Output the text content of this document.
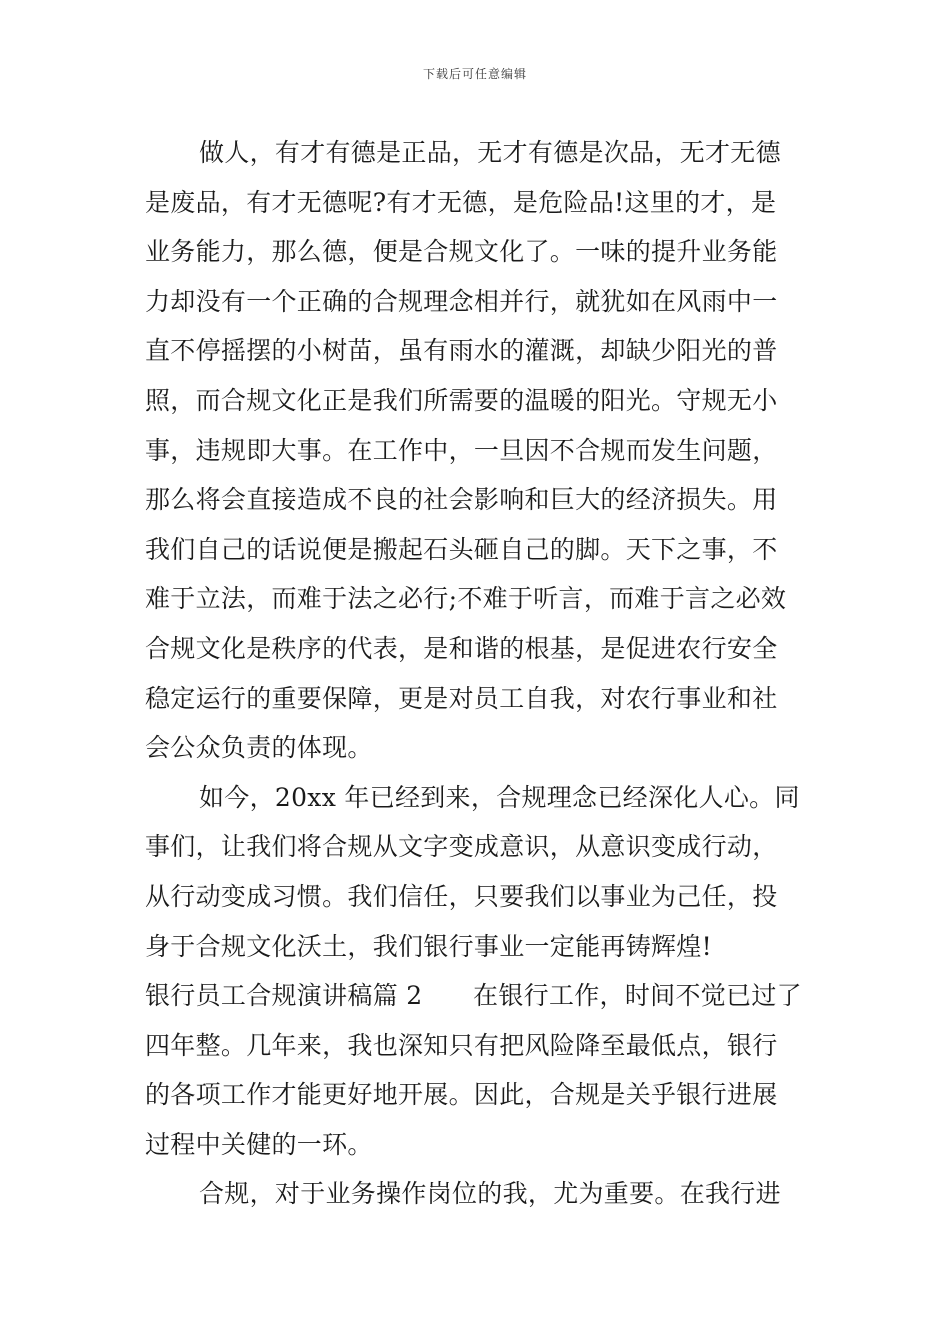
下载后可任意编辑
做人，有才有德是正品，无才有德是次品，无才无德
是废品，有才无德呢?有才无德，是危险品!这里的才，是
业务能力，那么德，便是合规文化了。一味的提升业务能
力却没有一个正确的合规理念相并行，就犹如在风雨中一
直不停摇摆的小树苗，虽有雨水的灌溉，却缺少阳光的普
照，而合规文化正是我们所需要的温暖的阳光。守规无小
事，违规即大事。在工作中，一旦因不合规而发生问题，
那么将会直接造成不良的社会影响和巨大的经济损失。用
我们自己的话说便是搬起石头砸自己的脚。天下之事，不
难于立法，而难于法之必行;不难于听言，而难于言之必效
合规文化是秩序的代表，是和谐的根基，是促进农行安全
稳定运行的重要保障，更是对员工自我，对农行事业和社
会公众负责的体现。
如今，20xx 年已经到来，合规理念已经深化人心。同
事们，让我们将合规从文字变成意识，从意识变成行动，
从行动变成习惯。我们信任，只要我们以事业为己任，投
身于合规文化沃土，我们银行事业一定能再铸辉煌!
银行员工合规演讲稿篇 2　　在银行工作，时间不觉已过了
四年整。几年来，我也深知只有把风险降至最低点，银行
的各项工作才能更好地开展。因此，合规是关乎银行进展
过程中关健的一环。
合规，对于业务操作岗位的我，尤为重要。在我行进
